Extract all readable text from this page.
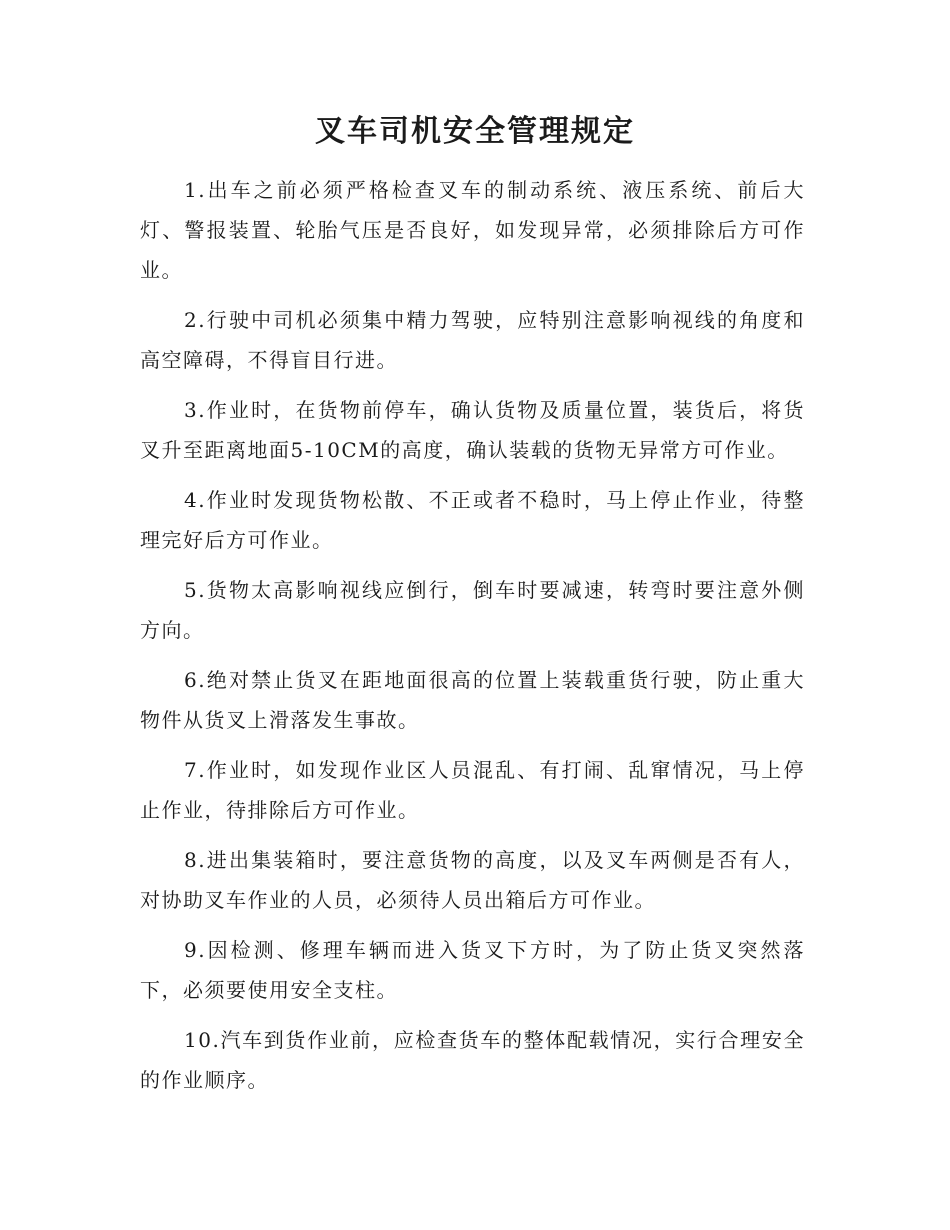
叉车司机安全管理规定
1.出车之前必须严格检查叉车的制动系统、液压系统、前后大灯、警报装置、轮胎气压是否良好，如发现异常，必须排除后方可作业。
2.行驶中司机必须集中精力驾驶，应特别注意影响视线的角度和高空障碍，不得盲目行进。
3.作业时，在货物前停车，确认货物及质量位置，装货后，将货叉升至距离地面5-10CM的高度，确认装载的货物无异常方可作业。
4.作业时发现货物松散、不正或者不稳时，马上停止作业，待整理完好后方可作业。
5.货物太高影响视线应倒行，倒车时要减速，转弯时要注意外侧方向。
6.绝对禁止货叉在距地面很高的位置上装载重货行驶，防止重大物件从货叉上滑落发生事故。
7.作业时，如发现作业区人员混乱、有打闹、乱窜情况，马上停止作业，待排除后方可作业。
8.进出集装箱时，要注意货物的高度，以及叉车两侧是否有人，对协助叉车作业的人员，必须待人员出箱后方可作业。
9.因检测、修理车辆而进入货叉下方时，为了防止货叉突然落下，必须要使用安全支柱。
10.汽车到货作业前，应检查货车的整体配载情况，实行合理安全的作业顺序。
